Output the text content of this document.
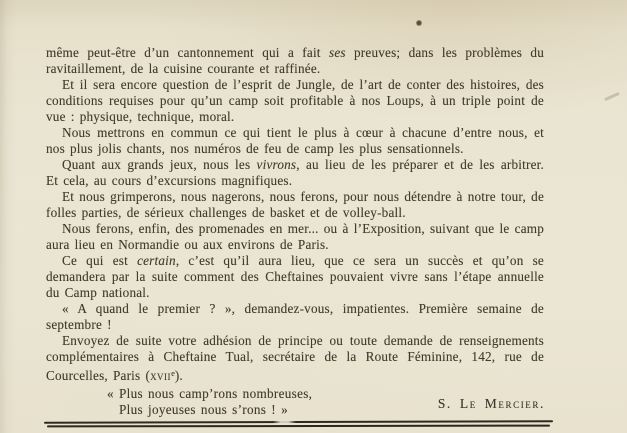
même peut-être d’un cantonnement qui a fait ses preuves; dans les problèmes du ravitaillement, de la cuisine courante et raffinée.

Et il sera encore question de l’esprit de Jungle, de l’art de conter des histoires, des conditions requises pour qu’un camp soit profitable à nos Loups, à un triple point de vue : physique, technique, moral.

Nous mettrons en commun ce qui tient le plus à cœur à chacune d’entre nous, et nos plus jolis chants, nos numéros de feu de camp les plus sensationnels.

Quant aux grands jeux, nous les vivrons, au lieu de les préparer et de les arbitrer. Et cela, au cours d’excursions magnifiques.

Et nous grimperons, nous nagerons, nous ferons, pour nous détendre à notre tour, de folles parties, de sérieux challenges de basket et de volley-ball.

Nous ferons, enfin, des promenades en mer... ou à l’Exposition, suivant que le camp aura lieu en Normandie ou aux environs de Paris.

Ce qui est certain, c’est qu’il aura lieu, que ce sera un succès et qu’on se demandera par la suite comment des Cheftaines pouvaient vivre sans l’étape annuelle du Camp national.

« A quand le premier ? », demandez-vous, impatientes. Première semaine de septembre !

Envoyez de suite votre adhésion de principe ou toute demande de renseignements complémentaires à Cheftaine Tual, secrétaire de la Route Féminine, 142, rue de Courcelles, Paris (xvii$^e$).

« Plus nous camp’rons nombreuses,
Plus joyeuses nous s’rons ! »	S. Le Mercier.
